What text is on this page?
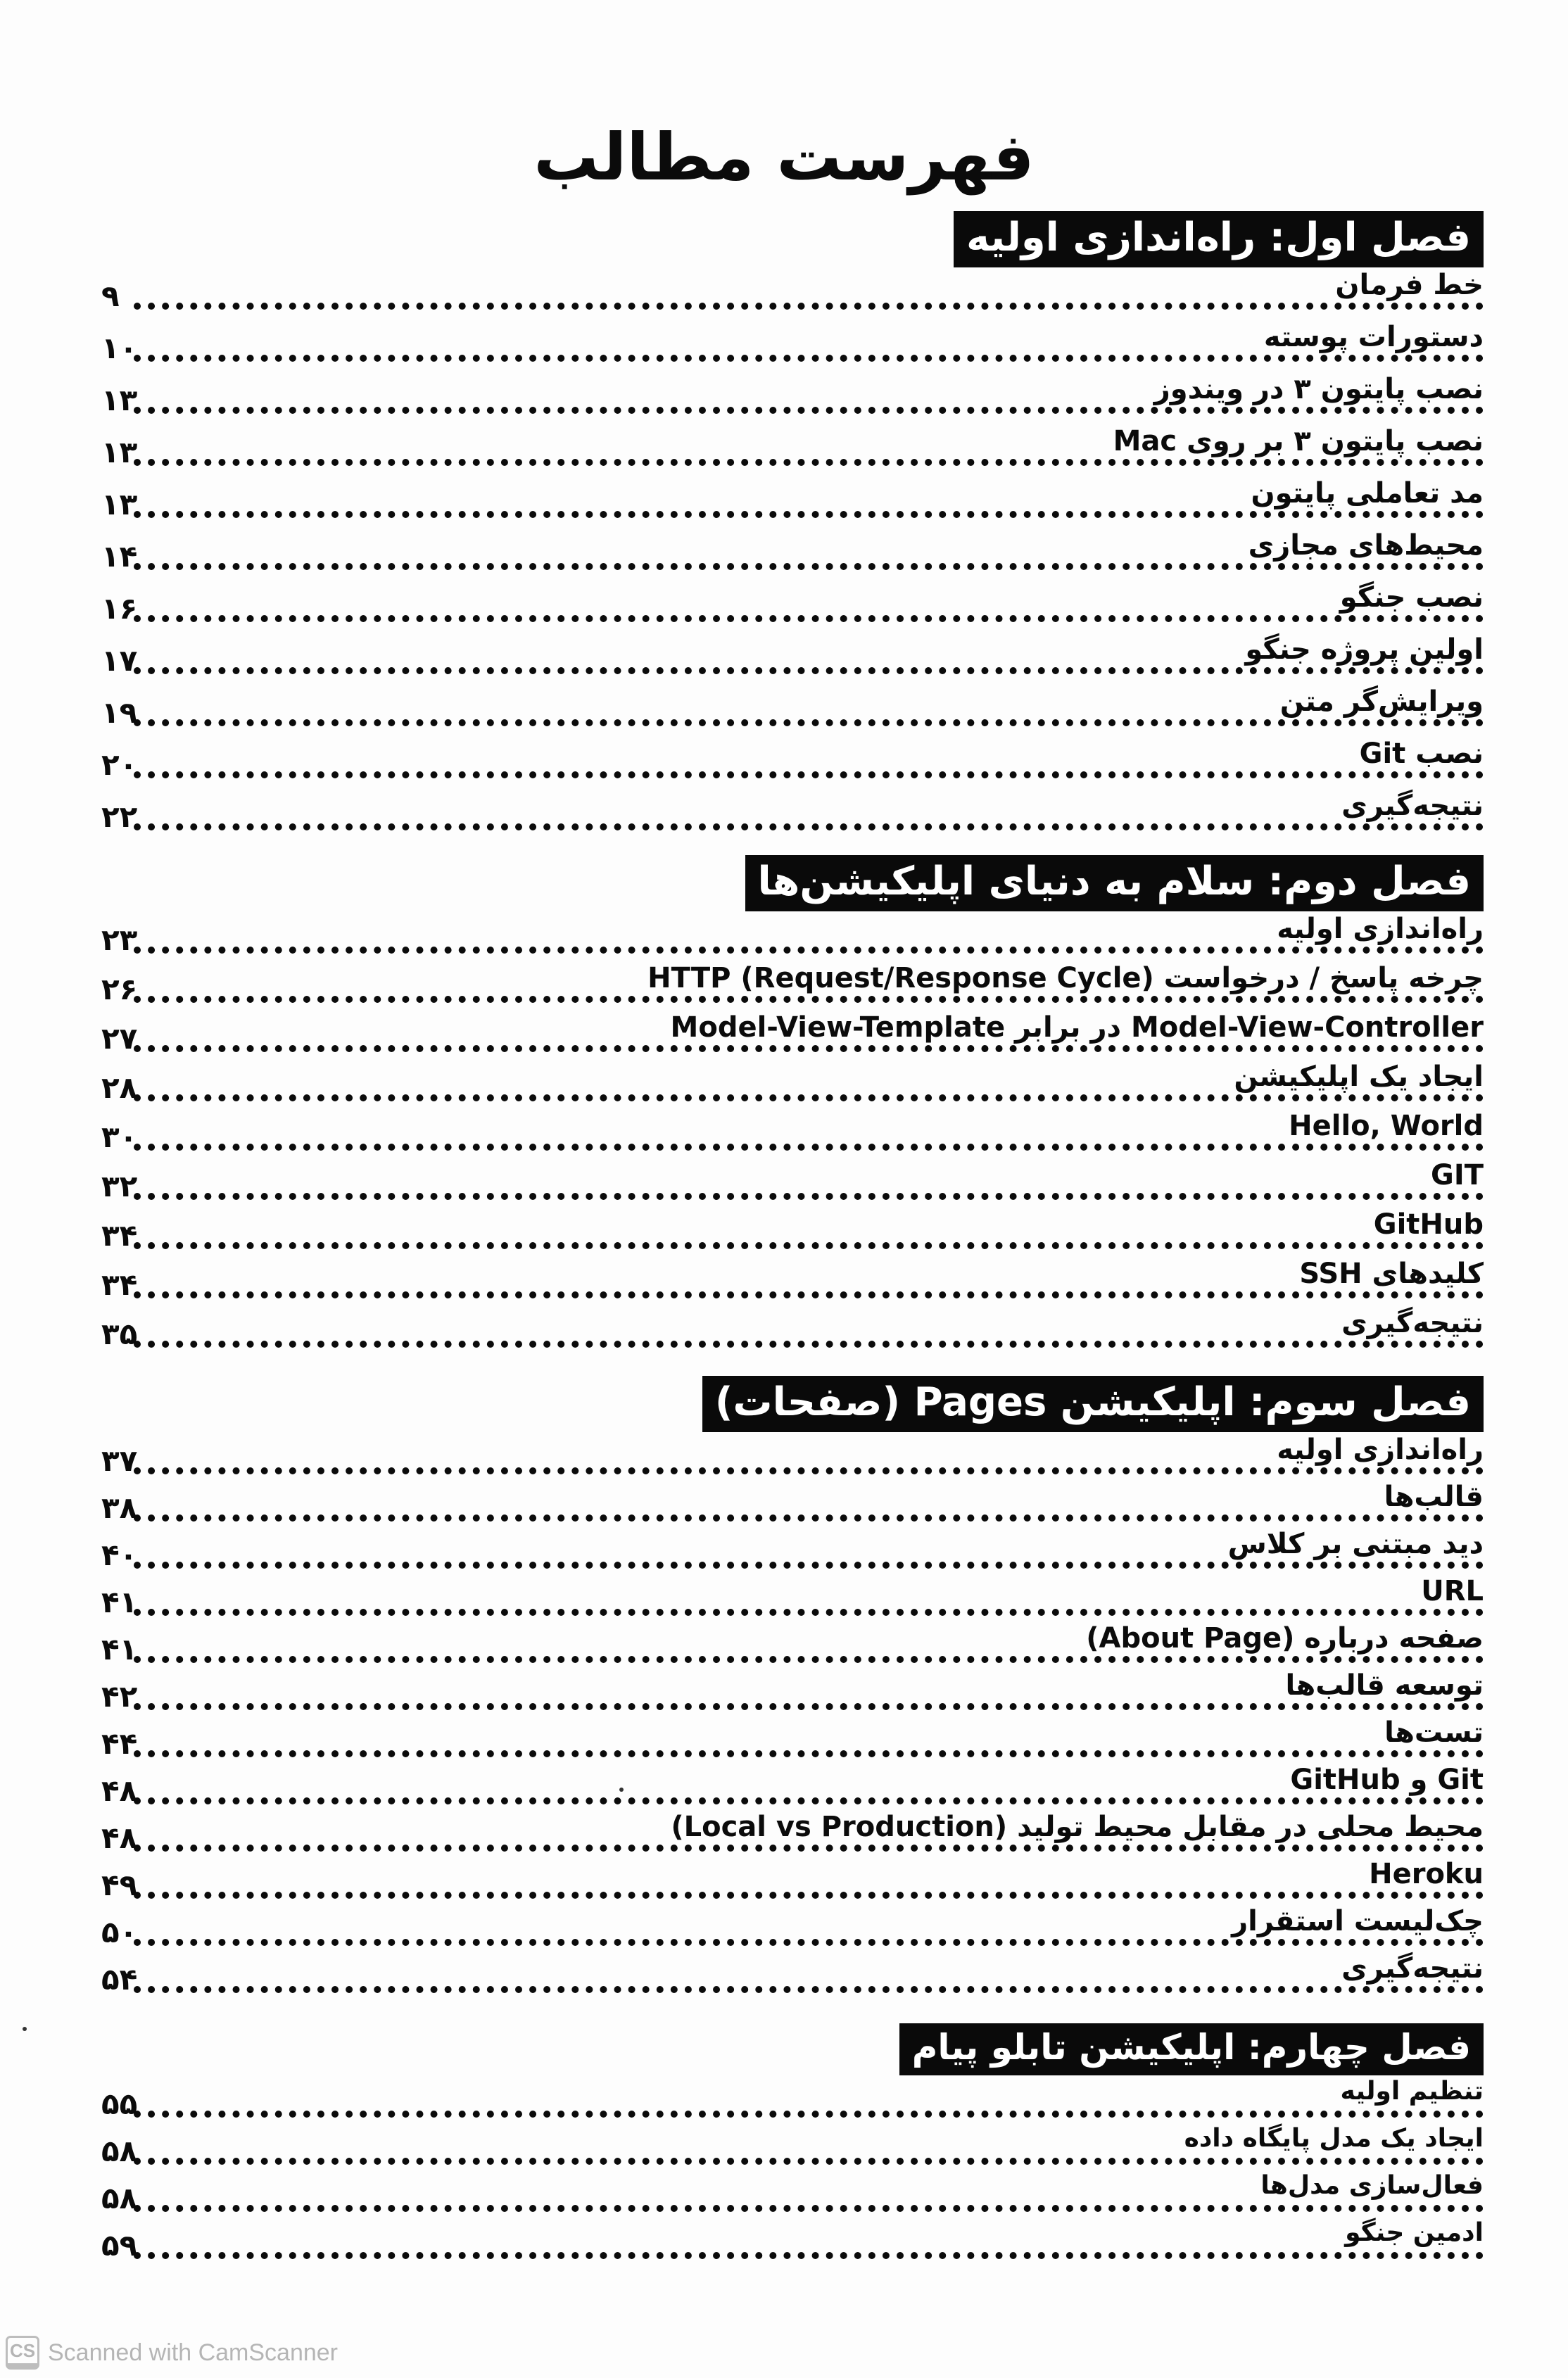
فهرست مطالب
فصل اول: راه‌اندازی اولیه
خط فرمان
۹
دستورات پوسته
۱۰
نصب پایتون ۳ در ویندوز
۱۳
نصب پایتون ۳ بر روی Mac
۱۳
مد تعاملی پایتون
۱۳
محیط‌های مجازی
۱۴
نصب جنگو
۱۶
اولین پروژه جنگو
۱۷
ویرایش‌گر متن
۱۹
نصب Git
۲۰
نتیجه‌گیری
۲۲
فصل دوم: سلام به دنیای اپلیکیشن‌ها
راه‌اندازی اولیه
۲۳
چرخه پاسخ / درخواست (HTTP (Request/Response Cycle
۲۶
Model-View-Controller در برابر Model-View-Template
۲۷
ایجاد یک اپلیکیشن
۲۸
Hello, World
۳۰
GIT
۳۲
GitHub
۳۴
کلیدهای SSH
۳۴
نتیجه‌گیری
۳۵
فصل سوم: اپلیکیشن Pages (صفحات)
راه‌اندازی اولیه
۳۷
قالب‌ها
۳۸
دید مبتنی بر کلاس
۴۰
URL
۴۱
صفحه درباره (About Page)
۴۱
توسعه قالب‌ها
۴۲
تست‌ها
۴۴
Git و GitHub
۴۸
محیط محلی در مقابل محیط تولید (Local vs Production)
۴۸
Heroku
۴۹
چک‌لیست استقرار
۵۰
نتیجه‌گیری
۵۴
فصل چهارم: اپلیکیشن تابلو پیام
تنظیم اولیه
۵۵
ایجاد یک مدل پایگاه داده
۵۸
فعال‌سازی مدل‌ها
۵۸
ادمین جنگو
۵۹
CS Scanned with CamScanner
